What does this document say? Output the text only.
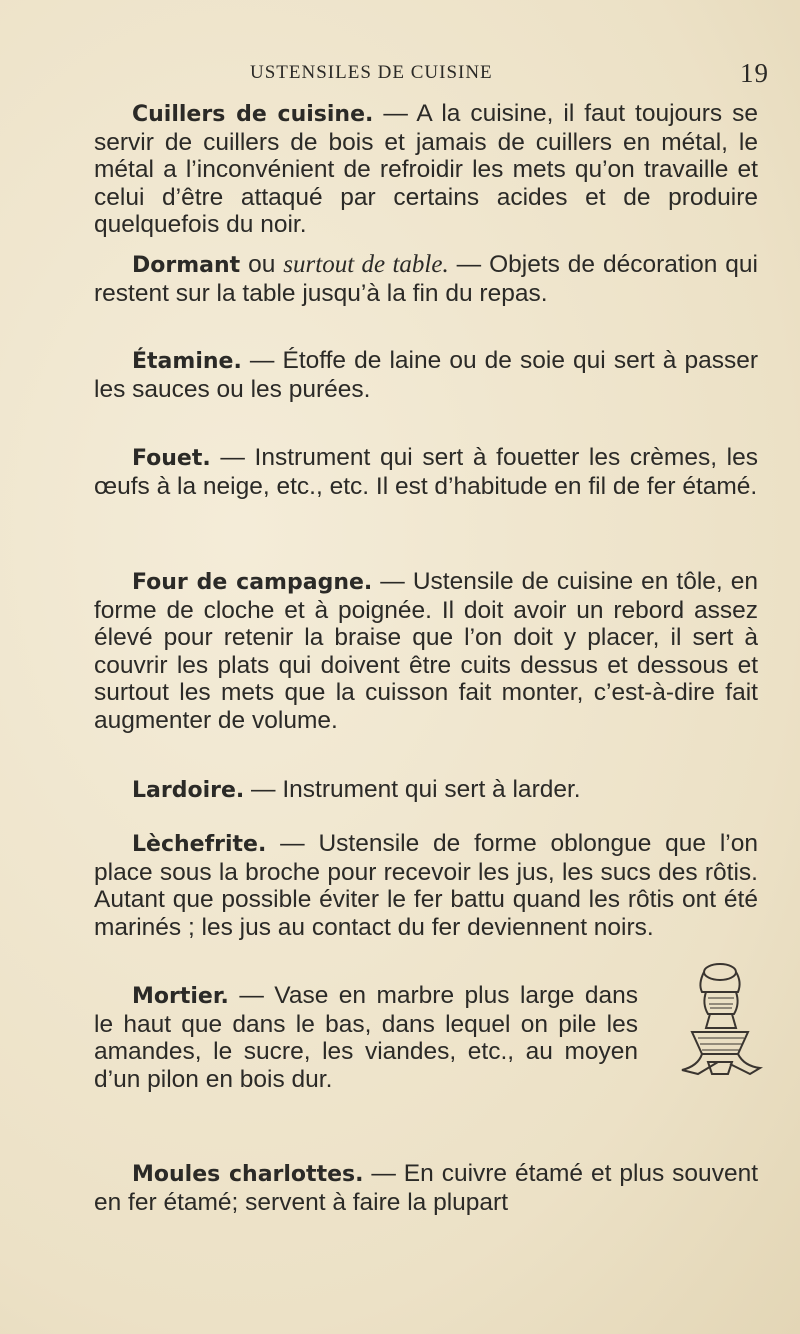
USTENSILES DE CUISINE	19

Cuillers de cuisine. — A la cuisine, il faut toujours se servir de cuillers de bois et jamais de cuillers en métal, le métal a l’inconvénient de refroidir les mets qu’on travaille et celui d’être attaqué par certains acides et de produire quelquefois du noir.

Dormant ou surtout de table. — Objets de décoration qui restent sur la table jusqu’à la fin du repas.

Étamine. — Étoffe de laine ou de soie qui sert à passer les sauces ou les purées.

Fouet. — Instrument qui sert à fouetter les crèmes, les œufs à la neige, etc., etc. Il est d’habitude en fil de fer étamé.

Four de campagne. — Ustensile de cuisine en tôle, en forme de cloche et à poignée. Il doit avoir un rebord assez élevé pour retenir la braise que l’on doit y placer, il sert à couvrir les plats qui doivent être cuits dessus et dessous et surtout les mets que la cuisson fait monter, c’est-à-dire fait augmenter de volume.

Lardoire. — Instrument qui sert à larder.

Lèchefrite. — Ustensile de forme oblongue que l’on place sous la broche pour recevoir les jus, les sucs des rôtis. Autant que possible éviter le fer battu quand les rôtis ont été marinés ; les jus au contact du fer deviennent noirs.

Mortier. — Vase en marbre plus large dans le haut que dans le bas, dans lequel on pile les amandes, le sucre, les viandes, etc., au moyen d’un pilon en bois dur.

Moules charlottes. — En cuivre étamé et plus souvent en fer étamé; servent à faire la plupart
